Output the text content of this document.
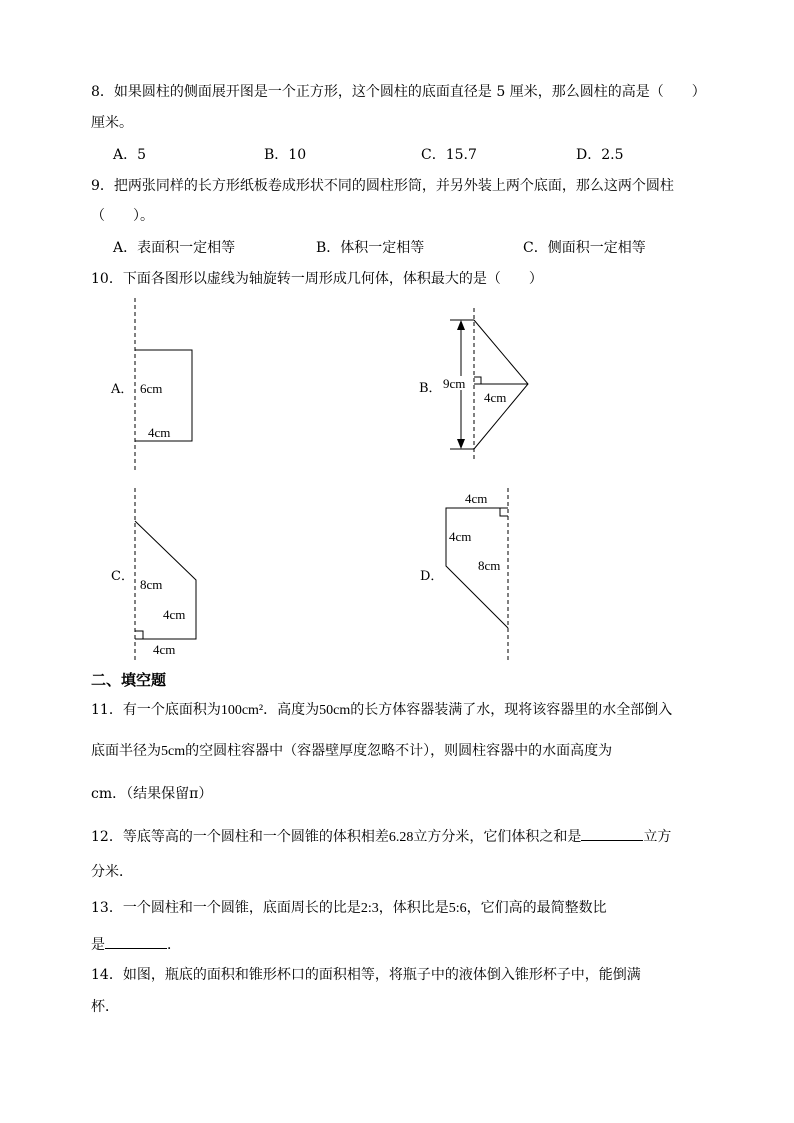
8．如果圆柱的侧面展开图是一个正方形，这个圆柱的底面直径是 5 厘米，那么圆柱的高是（　　）
厘米。
A．5	B．10	C．15.7	D．2.5
9．把两张同样的长方形纸板卷成形状不同的圆柱形筒，并另外装上两个底面，那么这两个圆柱
（　　）。
A．表面积一定相等	B．体积一定相等	C．侧面积一定相等
10．下面各图形以虚线为轴旋转一周形成几何体，体积最大的是（　　）
A． 6cm
4cm
B． 9cm
4cm
C．
8cm
4cm
4cm
D．
4cm
4cm
8cm
二、填空题
11．有一个底面积为100cm²．高度为50cm的长方体容器装满了水，现将该容器里的水全部倒入
底面半径为5cm的空圆柱容器中（容器壁厚度忽略不计），则圆柱容器中的水面高度为
cm．（结果保留π）
12．等底等高的一个圆柱和一个圆锥的体积相差6.28立方分米，它们体积之和是	立方
分米．
13．一个圆柱和一个圆锥，底面周长的比是2:3，体积比是5:6，它们高的最简整数比
是	．
14．如图，瓶底的面积和锥形杯口的面积相等，将瓶子中的液体倒入锥形杯子中，能倒满
杯．
